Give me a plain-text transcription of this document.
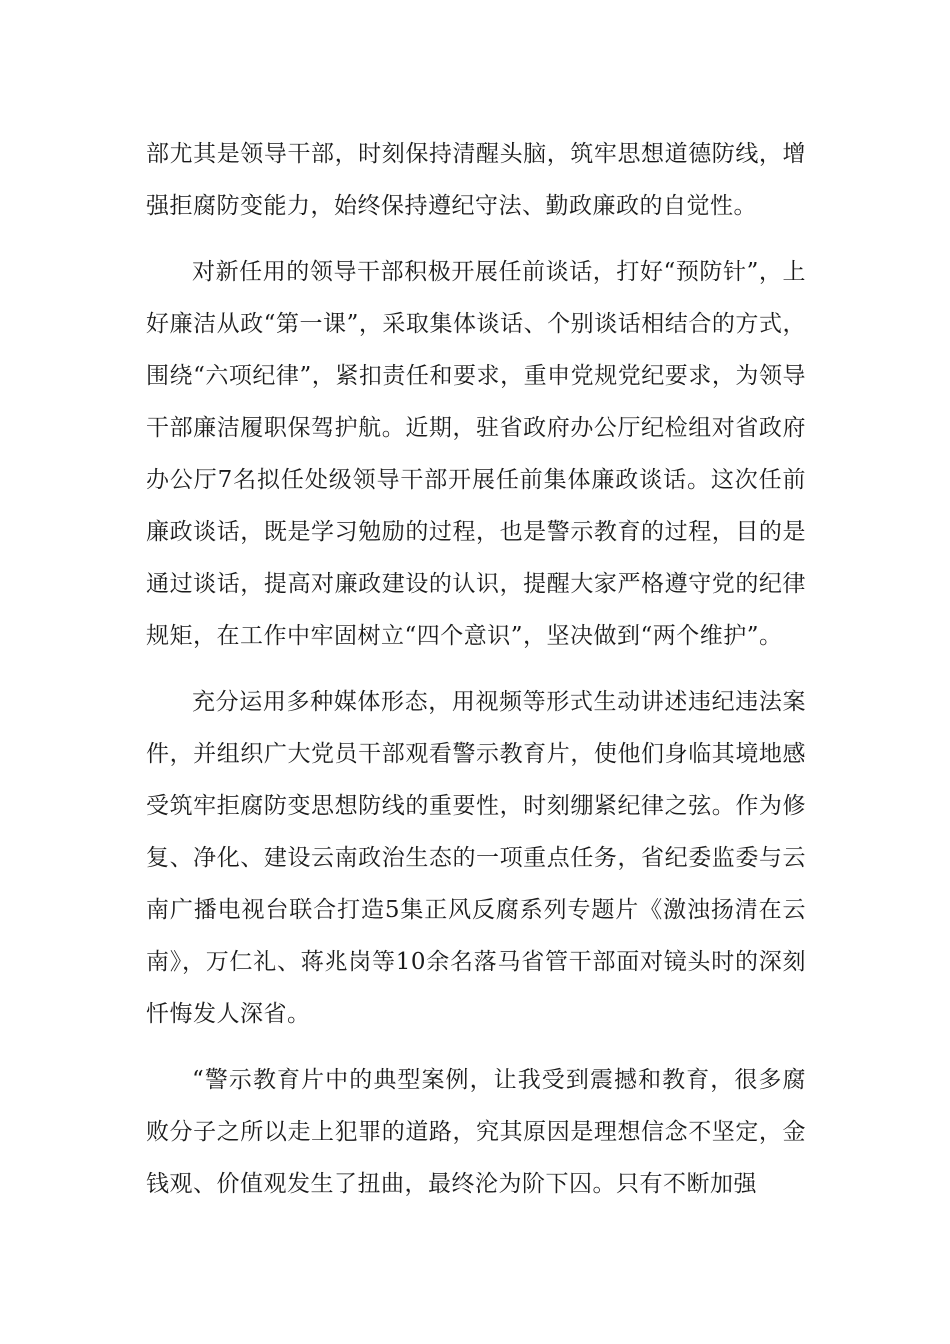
部尤其是领导干部，时刻保持清醒头脑，筑牢思想道德防线，增强拒腐防变能力，始终保持遵纪守法、勤政廉政的自觉性。

对新任用的领导干部积极开展任前谈话，打好“预防针”，上好廉洁从政“第一课”，采取集体谈话、个别谈话相结合的方式，围绕“六项纪律”，紧扣责任和要求，重申党规党纪要求，为领导干部廉洁履职保驾护航。近期，驻省政府办公厅纪检组对省政府办公厅7名拟任处级领导干部开展任前集体廉政谈话。这次任前廉政谈话，既是学习勉励的过程，也是警示教育的过程，目的是通过谈话，提高对廉政建设的认识，提醒大家严格遵守党的纪律规矩，在工作中牢固树立“四个意识”，坚决做到“两个维护”。

充分运用多种媒体形态，用视频等形式生动讲述违纪违法案件，并组织广大党员干部观看警示教育片，使他们身临其境地感受筑牢拒腐防变思想防线的重要性，时刻绷紧纪律之弦。作为修复、净化、建设云南政治生态的一项重点任务，省纪委监委与云南广播电视台联合打造5集正风反腐系列专题片《激浊扬清在云南》，万仁礼、蒋兆岗等10余名落马省管干部面对镜头时的深刻忏悔发人深省。

“警示教育片中的典型案例，让我受到震撼和教育，很多腐败分子之所以走上犯罪的道路，究其原因是理想信念不坚定，金钱观、价值观发生了扭曲，最终沦为阶下囚。只有不断加强
